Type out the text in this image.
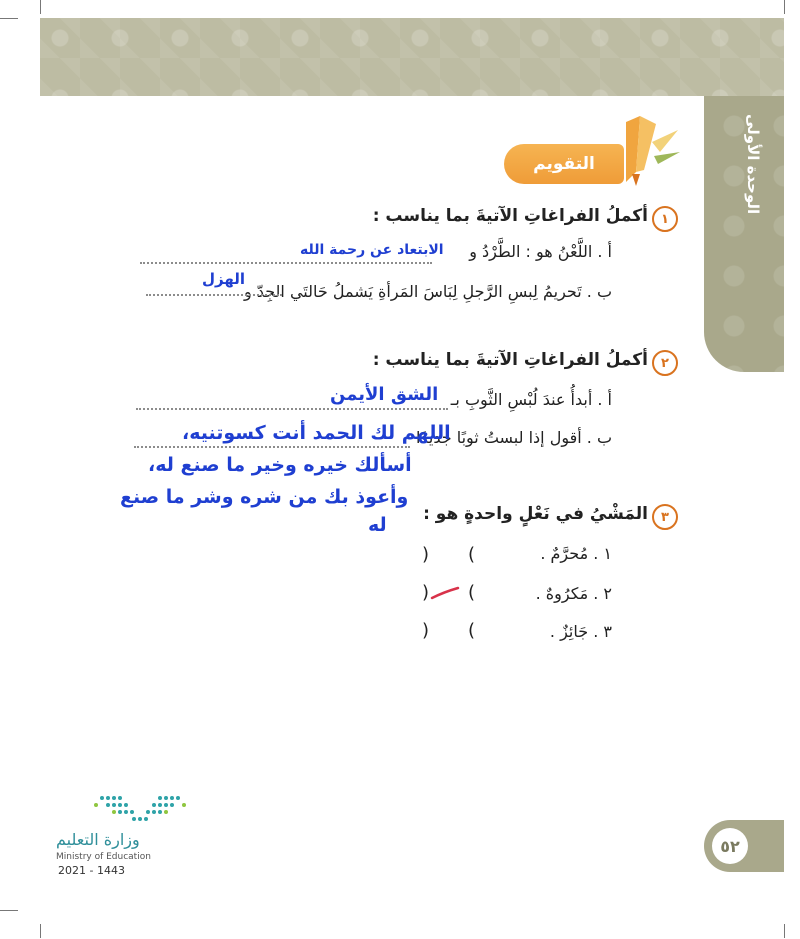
الوحدة الأولى
التقويم
١
أكملُ الفراغاتِ الآتيةَ بما يناسب :
أ . اللَّعْنُ هو : الطَّرْدُ و
الابتعاد عن رحمة الله
ب . تَحريمُ لِبسِ الرَّجلِ لِبَاسَ المَرأةِ يَشملُ حَالتَي الجِدّ و
الهزل
٢
أكملُ الفراغاتِ الآتيةَ بما يناسب :
أ . أبدأُ عندَ لُبْسِ الثَّوبِ بـ
الشق الأيمن
ب . أقول إذا لبستُ ثوبًا جديدًا
اللهم لك الحمد أنت كسوتنيه،
أسألك خيره وخير ما صنع له،
وأعوذ بك من شره وشر ما صنع
له	٣
المَشْيُ في نَعْلٍ واحدةٍ هو :
١ . مُحرَّمٌ .
) (
٢ . مَكرُوهٌ .
) (
٣ . جَائِزٌ .
) (
وزارة التعليم
Ministry of Education
2021 - 1443
٥٢
